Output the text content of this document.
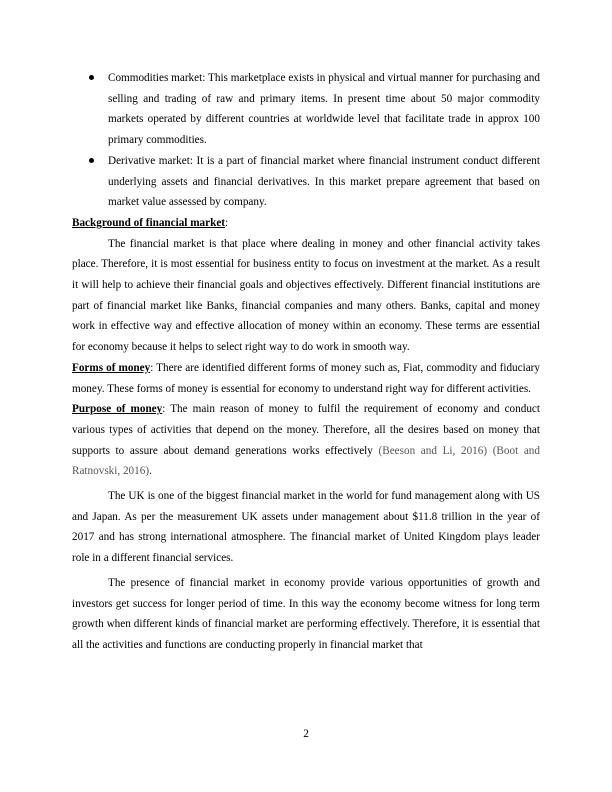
Commodities market: This marketplace exists in physical and virtual manner for purchasing and selling and trading of raw and primary items. In present time about 50 major commodity markets operated by different countries at worldwide level that facilitate trade in approx 100 primary commodities.
Derivative market: It is a part of financial market where financial instrument conduct different underlying assets and financial derivatives. In this market prepare agreement that based on market value assessed by company.

Background of financial market:

The financial market is that place where dealing in money and other financial activity takes place. Therefore, it is most essential for business entity to focus on investment at the market. As a result it will help to achieve their financial goals and objectives effectively. Different financial institutions are part of financial market like Banks, financial companies and many others. Banks, capital and money work in effective way and effective allocation of money within an economy. These terms are essential for economy because it helps to select right way to do work in smooth way.

Forms of money: There are identified different forms of money such as, Fiat, commodity and fiduciary money. These forms of money is essential for economy to understand right way for different activities.

Purpose of money: The main reason of money to fulfil the requirement of economy and conduct various types of activities that depend on the money. Therefore, all the desires based on money that supports to assure about demand generations works effectively (Beeson and Li, 2016) (Boot and Ratnovski, 2016).

The UK is one of the biggest financial market in the world for fund management along with US and Japan. As per the measurement UK assets under management about $11.8 trillion in the year of 2017 and has strong international atmosphere. The financial market of United Kingdom plays leader role in a different financial services.

The presence of financial market in economy provide various opportunities of growth and investors get success for longer period of time. In this way the economy become witness for long term growth when different kinds of financial market are performing effectively. Therefore, it is essential that all the activities and functions are conducting properly in financial market that

2
